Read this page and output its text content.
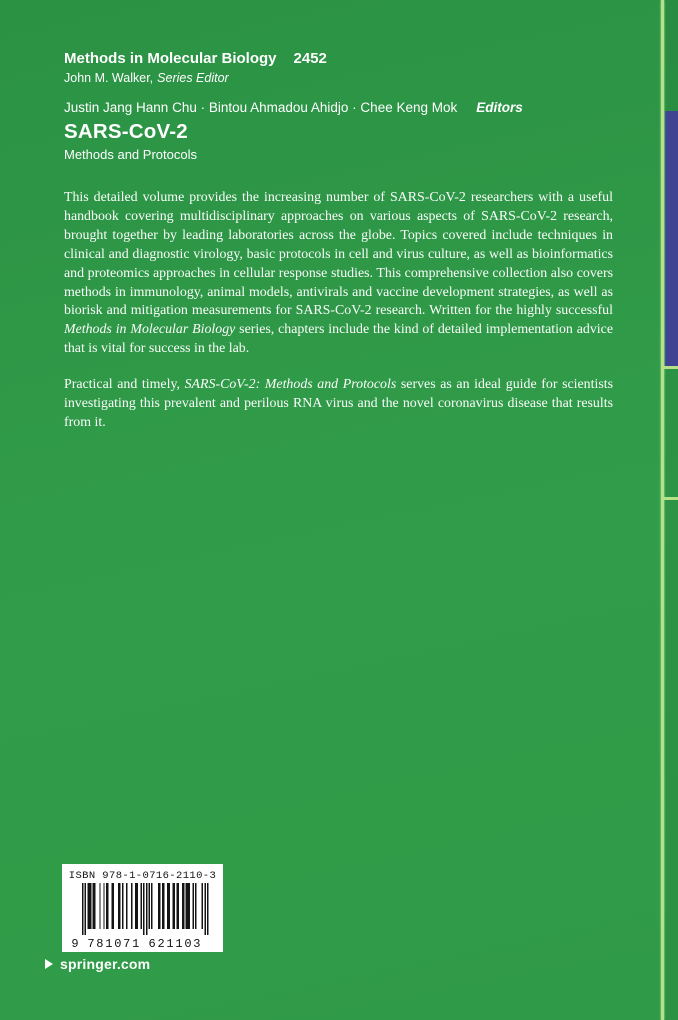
Methods in Molecular Biology 2452
John M. Walker, Series Editor
Justin Jang Hann Chu · Bintou Ahmadou Ahidjo · Chee Keng Mok Editors
SARS-CoV-2
Methods and Protocols

This detailed volume provides the increasing number of SARS-CoV-2 researchers with a useful handbook covering multidisciplinary approaches on various aspects of SARS-CoV-2 research, brought together by leading laboratories across the globe. Topics covered include techniques in clinical and diagnostic virology, basic protocols in cell and virus culture, as well as bioinformatics and proteomics approaches in cellular response studies. This comprehensive collection also covers methods in immunology, animal models, antivirals and vaccine development strategies, as well as biorisk and mitigation measurements for SARS-CoV-2 research. Written for the highly successful Methods in Molecular Biology series, chapters include the kind of detailed implementation advice that is vital for success in the lab.

Practical and timely, SARS-CoV-2: Methods and Protocols serves as an ideal guide for scientists investigating this prevalent and perilous RNA virus and the novel coronavirus disease that results from it.

ISBN 978-1-0716-2110-3
9 781071 621103
springer.com
